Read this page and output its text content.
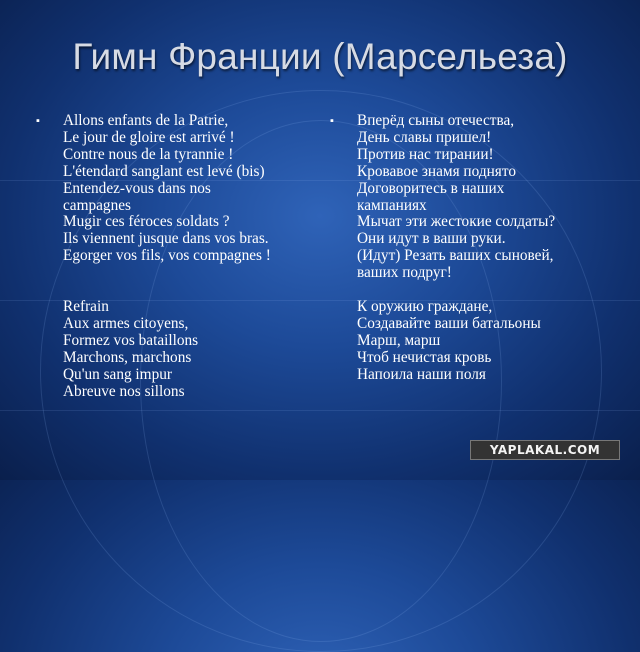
Гимн Франции (Марсельеза)
▪ Allons enfants de la Patrie,
Le jour de gloire est arrivé !
Contre nous de la tyrannie !
L'étendard sanglant est levé (bis)
Entendez-vous dans nos
campagnes
Mugir ces féroces soldats ?
Ils viennent jusque dans vos bras.
Egorger vos fils, vos compagnes !

Refrain
Aux armes citoyens,
Formez vos bataillons
Marchons, marchons
Qu'un sang impur
Abreuve nos sillons
▪ Вперёд сыны отечества,
День славы пришел!
Против нас тирании!
Кровавое знамя поднято
Договоритесь в наших
кампаниях
Мычат эти жестокие солдаты?
Они идут в ваши руки.
(Идут) Резать ваших сыновей,
ваших подруг!

К оружию граждане,
Создавайте ваши батальоны
Марш, марш
Чтоб нечистая кровь
Напоила наши поля
YAPLAKAL.COM
